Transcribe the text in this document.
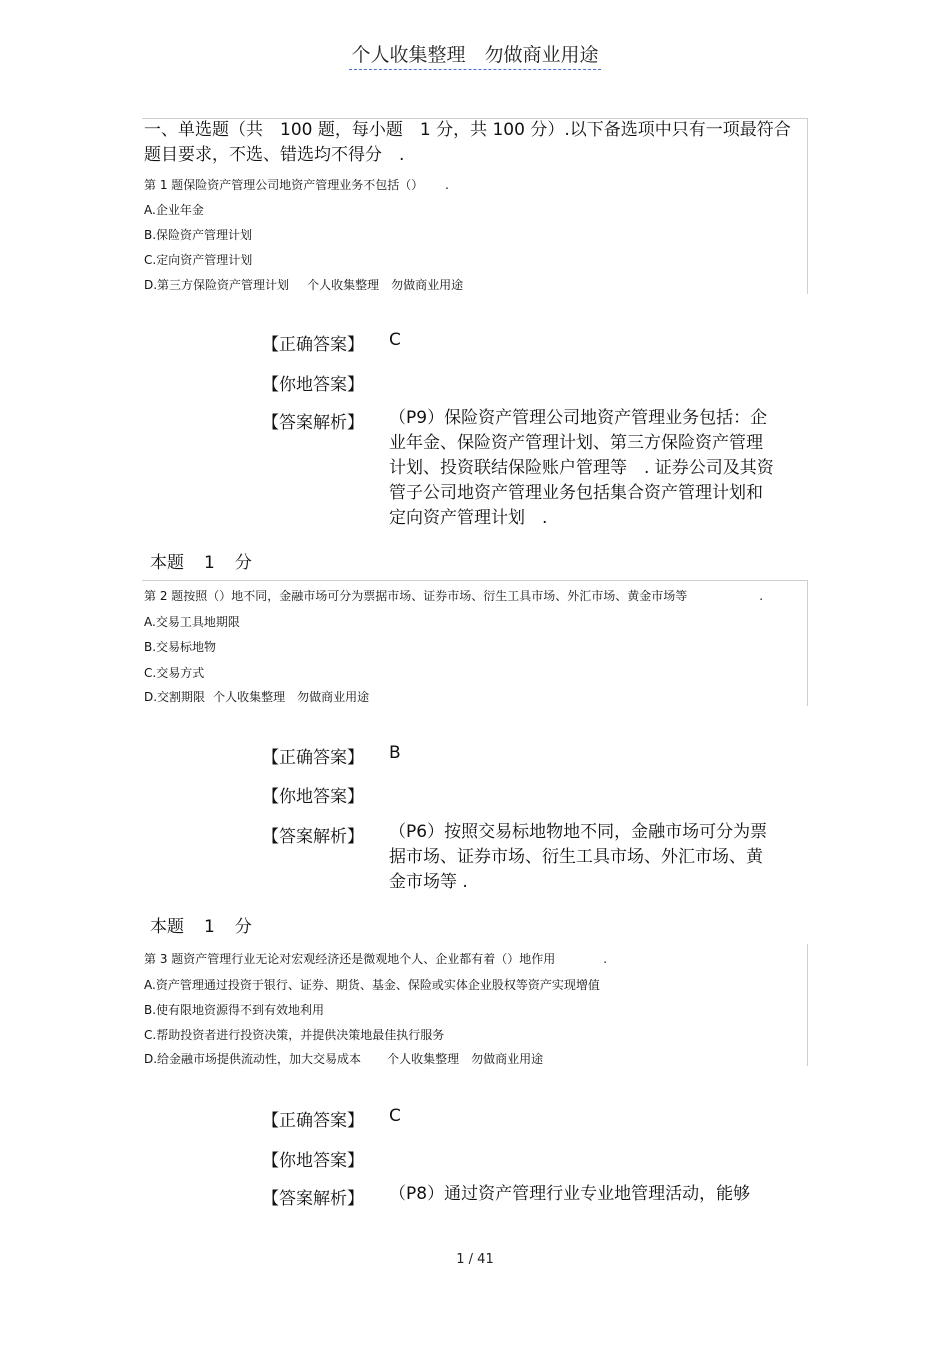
个人收集整理　勿做商业用途
一、单选题（共　100 题，每小题　1 分，共 100 分）.以下备选项中只有一项最符合题目要求，不选、错选均不得分　.
第 1 题保险资产管理公司地资产管理业务不包括（）　　 .
A.企业年金
B.保险资产管理计划
C.定向资产管理计划
D.第三方保险资产管理计划 个人收集整理　勿做商业用途
【正确答案】 C
【你地答案】
【答案解析】 （P9）保险资产管理公司地资产管理业务包括：企业年金、保险资产管理计划、第三方保险资产管理计划、投资联结保险账户管理等　. 证券公司及其资管子公司地资产管理业务包括集合资产管理计划和定向资产管理计划　.
本题 1 分
第 2 题按照（）地不同，金融市场可分为票据市场、证券市场、衍生工具市场、外汇市场、黄金市场等　　　　　　.
A.交易工具地期限
B.交易标地物
C.交易方式
D.交割期限 个人收集整理　勿做商业用途
【正确答案】 B
【你地答案】
【答案解析】 （P6）按照交易标地物地不同，金融市场可分为票据市场、证券市场、衍生工具市场、外汇市场、黄金市场等 .
本题 1 分
第 3 题资产管理行业无论对宏观经济还是微观地个人、企业都有着（）地作用　　　　.
A.资产管理通过投资于银行、证券、期货、基金、保险或实体企业股权等资产实现增值
B.使有限地资源得不到有效地利用
C.帮助投资者进行投资决策，并提供决策地最佳执行服务
D.给金融市场提供流动性，加大交易成本 个人收集整理　勿做商业用途
【正确答案】 C
【你地答案】
【答案解析】 （P8）通过资产管理行业专业地管理活动，能够
1 / 41
